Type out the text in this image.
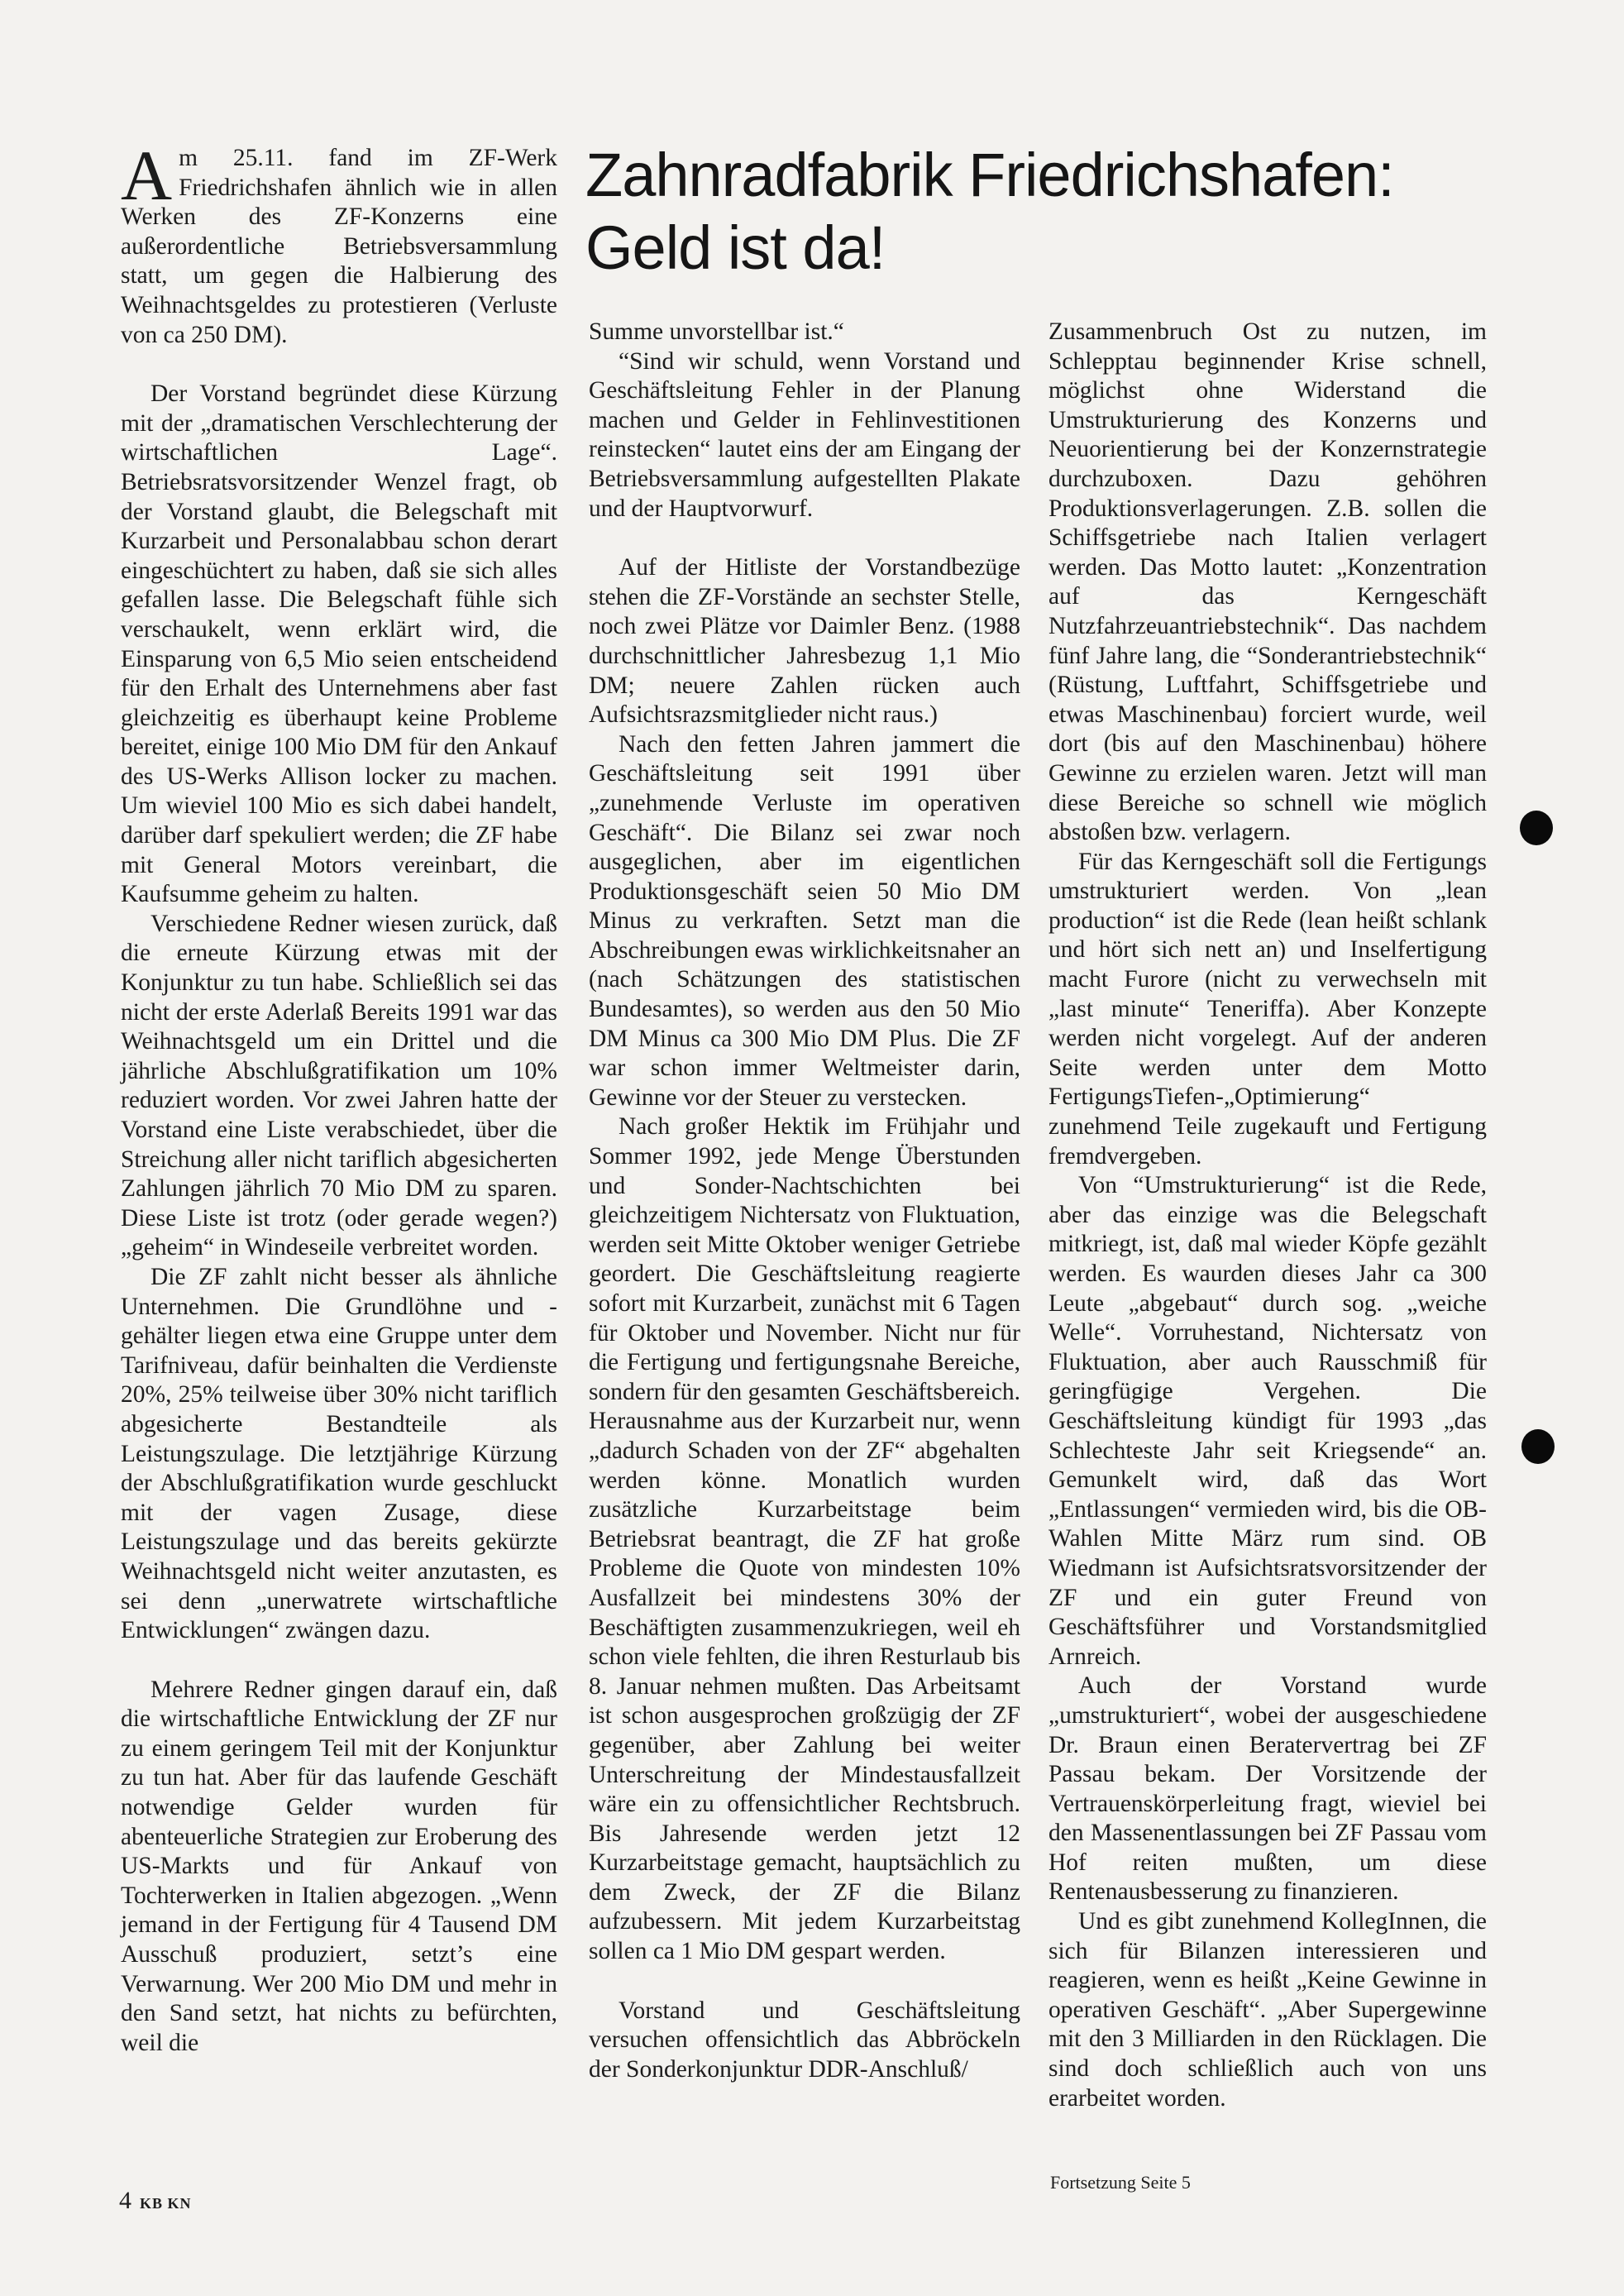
Zahnradfabrik Friedrichshafen:
Geld ist da!

Am 25.11. fand im ZF-Werk Friedrichshafen ähnlich wie in allen Werken des ZF-Konzerns eine außerordentliche Betriebsversammlung statt, um gegen die Halbierung des Weihnachtsgeldes zu protestieren (Verluste von ca 250 DM).

Der Vorstand begründet diese Kürzung mit der „dramatischen Verschlechterung der wirtschaftlichen Lage“. Betriebsratsvorsitzender Wenzel fragt, ob der Vorstand glaubt, die Belegschaft mit Kurzarbeit und Personalabbau schon derart eingeschüchtert zu haben, daß sie sich alles gefallen lasse. Die Belegschaft fühle sich verschaukelt, wenn erklärt wird, die Einsparung von 6,5 Mio seien entscheidend für den Erhalt des Unternehmens aber fast gleichzeitig es überhaupt keine Probleme bereitet, einige 100 Mio DM für den Ankauf des US-Werks Allison locker zu machen. Um wieviel 100 Mio es sich dabei handelt, darüber darf spekuliert werden; die ZF habe mit General Motors vereinbart, die Kaufsumme geheim zu halten.

Verschiedene Redner wiesen zurück, daß die erneute Kürzung etwas mit der Konjunktur zu tun habe. Schließlich sei das nicht der erste Aderlaß Bereits 1991 war das Weihnachtsgeld um ein Drittel und die jährliche Abschlußgratifikation um 10% reduziert worden. Vor zwei Jahren hatte der Vorstand eine Liste verabschiedet, über die Streichung aller nicht tariflich abgesicherten Zahlungen jährlich 70 Mio DM zu sparen. Diese Liste ist trotz (oder gerade wegen?) „geheim“ in Windeseile verbreitet worden.

Die ZF zahlt nicht besser als ähnliche Unternehmen. Die Grundlöhne und -gehälter liegen etwa eine Gruppe unter dem Tarifniveau, dafür beinhalten die Verdienste 20%, 25% teilweise über 30% nicht tariflich abgesicherte Bestandteile als Leistungszulage. Die letztjährige Kürzung der Abschlußgratifikation wurde geschluckt mit der vagen Zusage, diese Leistungszulage und das bereits gekürzte Weihnachtsgeld nicht weiter anzutasten, es sei denn „unerwatrete wirtschaftliche Entwicklungen“ zwängen dazu.

Mehrere Redner gingen darauf ein, daß die wirtschaftliche Entwicklung der ZF nur zu einem geringem Teil mit der Konjunktur zu tun hat. Aber für das laufende Geschäft notwendige Gelder wurden für abenteuerliche Strategien zur Eroberung des US-Markts und für Ankauf von Tochterwerken in Italien abgezogen. „Wenn jemand in der Fertigung für 4 Tausend DM Ausschuß produziert, setzt’s eine Verwarnung. Wer 200 Mio DM und mehr in den Sand setzt, hat nichts zu befürchten, weil die

Summe unvorstellbar ist.“

“Sind wir schuld, wenn Vorstand und Geschäftsleitung Fehler in der Planung machen und Gelder in Fehlinvestitionen reinstecken“ lautet eins der am Eingang der Betriebsversammlung aufgestellten Plakate und der Hauptvorwurf.

Auf der Hitliste der Vorstandbezüge stehen die ZF-Vorstände an sechster Stelle, noch zwei Plätze vor Daimler Benz. (1988 durchschnittlicher Jahresbezug 1,1 Mio DM; neuere Zahlen rücken auch Aufsichtsrazsmitglieder nicht raus.)

Nach den fetten Jahren jammert die Geschäftsleitung seit 1991 über „zunehmende Verluste im operativen Geschäft“. Die Bilanz sei zwar noch ausgeglichen, aber im eigentlichen Produktionsgeschäft seien 50 Mio DM Minus zu verkraften. Setzt man die Abschreibungen ewas wirklichkeitsnaher an (nach Schätzungen des statistischen Bundesamtes), so werden aus den 50 Mio DM Minus ca 300 Mio DM Plus. Die ZF war schon immer Weltmeister darin, Gewinne vor der Steuer zu verstecken.

Nach großer Hektik im Frühjahr und Sommer 1992, jede Menge Überstunden und Sonder-Nachtschichten bei gleichzeitigem Nichtersatz von Fluktuation, werden seit Mitte Oktober weniger Getriebe geordert. Die Geschäftsleitung reagierte sofort mit Kurzarbeit, zunächst mit 6 Tagen für Oktober und November. Nicht nur für die Fertigung und fertigungsnahe Bereiche, sondern für den gesamten Geschäftsbereich. Herausnahme aus der Kurzarbeit nur, wenn „dadurch Schaden von der ZF“ abgehalten werden könne. Monatlich wurden zusätzliche Kurzarbeitstage beim Betriebsrat beantragt, die ZF hat große Probleme die Quote von mindesten 10% Ausfallzeit bei mindestens 30% der Beschäftigten zusammenzukriegen, weil eh schon viele fehlten, die ihren Resturlaub bis 8. Januar nehmen mußten. Das Arbeitsamt ist schon ausgesprochen großzügig der ZF gegenüber, aber Zahlung bei weiter Unterschreitung der Mindestausfallzeit wäre ein zu offensichtlicher Rechtsbruch. Bis Jahresende werden jetzt 12 Kurzarbeitstage gemacht, hauptsächlich zu dem Zweck, der ZF die Bilanz aufzubessern. Mit jedem Kurzarbeitstag sollen ca 1 Mio DM gespart werden.

Vorstand und Geschäftsleitung versuchen offensichtlich das Abbröckeln der Sonderkonjunktur DDR-Anschluß/

Zusammenbruch Ost zu nutzen, im Schlepptau beginnender Krise schnell, möglichst ohne Widerstand die Umstrukturierung des Konzerns und Neuorientierung bei der Konzernstrategie durchzuboxen. Dazu gehöhren Produktionsverlagerungen. Z.B. sollen die Schiffsgetriebe nach Italien verlagert werden. Das Motto lautet: „Konzentration auf das Kerngeschäft Nutzfahrzeuantriebstechnik“. Das nachdem fünf Jahre lang, die “Sonderantriebstechnik“ (Rüstung, Luftfahrt, Schiffsgetriebe und etwas Maschinenbau) forciert wurde, weil dort (bis auf den Maschinenbau) höhere Gewinne zu erzielen waren. Jetzt will man diese Bereiche so schnell wie möglich abstoßen bzw. verlagern.

Für das Kerngeschäft soll die Fertigungs umstrukturiert werden. Von „lean production“ ist die Rede (lean heißt schlank und hört sich nett an) und Inselfertigung macht Furore (nicht zu verwechseln mit „last minute“ Teneriffa). Aber Konzepte werden nicht vorgelegt. Auf der anderen Seite werden unter dem Motto FertigungsTiefen-„Optimierung“ zunehmend Teile zugekauft und Fertigung fremdvergeben.

Von “Umstrukturierung“ ist die Rede, aber das einzige was die Belegschaft mitkriegt, ist, daß mal wieder Köpfe gezählt werden. Es waurden dieses Jahr ca 300 Leute „abgebaut“ durch sog. „weiche Welle“. Vorruhestand, Nichtersatz von Fluktuation, aber auch Rausschmiß für geringfügige Vergehen. Die Geschäftsleitung kündigt für 1993 „das Schlechteste Jahr seit Kriegsende“ an. Gemunkelt wird, daß das Wort „Entlassungen“ vermieden wird, bis die OB-Wahlen Mitte März rum sind. OB Wiedmann ist Aufsichtsratsvorsitzender der ZF und ein guter Freund von Geschäftsführer und Vorstandsmitglied Arnreich.

Auch der Vorstand wurde „umstrukturiert“, wobei der ausgeschiedene Dr. Braun einen Beratervertrag bei ZF Passau bekam. Der Vorsitzende der Vertrauenskörperleitung fragt, wieviel bei den Massenentlassungen bei ZF Passau vom Hof reiten mußten, um diese Rentenausbesserung zu finanzieren.

Und es gibt zunehmend KollegInnen, die sich für Bilanzen interessieren und reagieren, wenn es heißt „Keine Gewinne in operativen Geschäft“. „Aber Supergewinne mit den 3 Milliarden in den Rücklagen. Die sind doch schließlich auch von uns erarbeitet worden.

Fortsetzung Seite 5
4 KB KN
